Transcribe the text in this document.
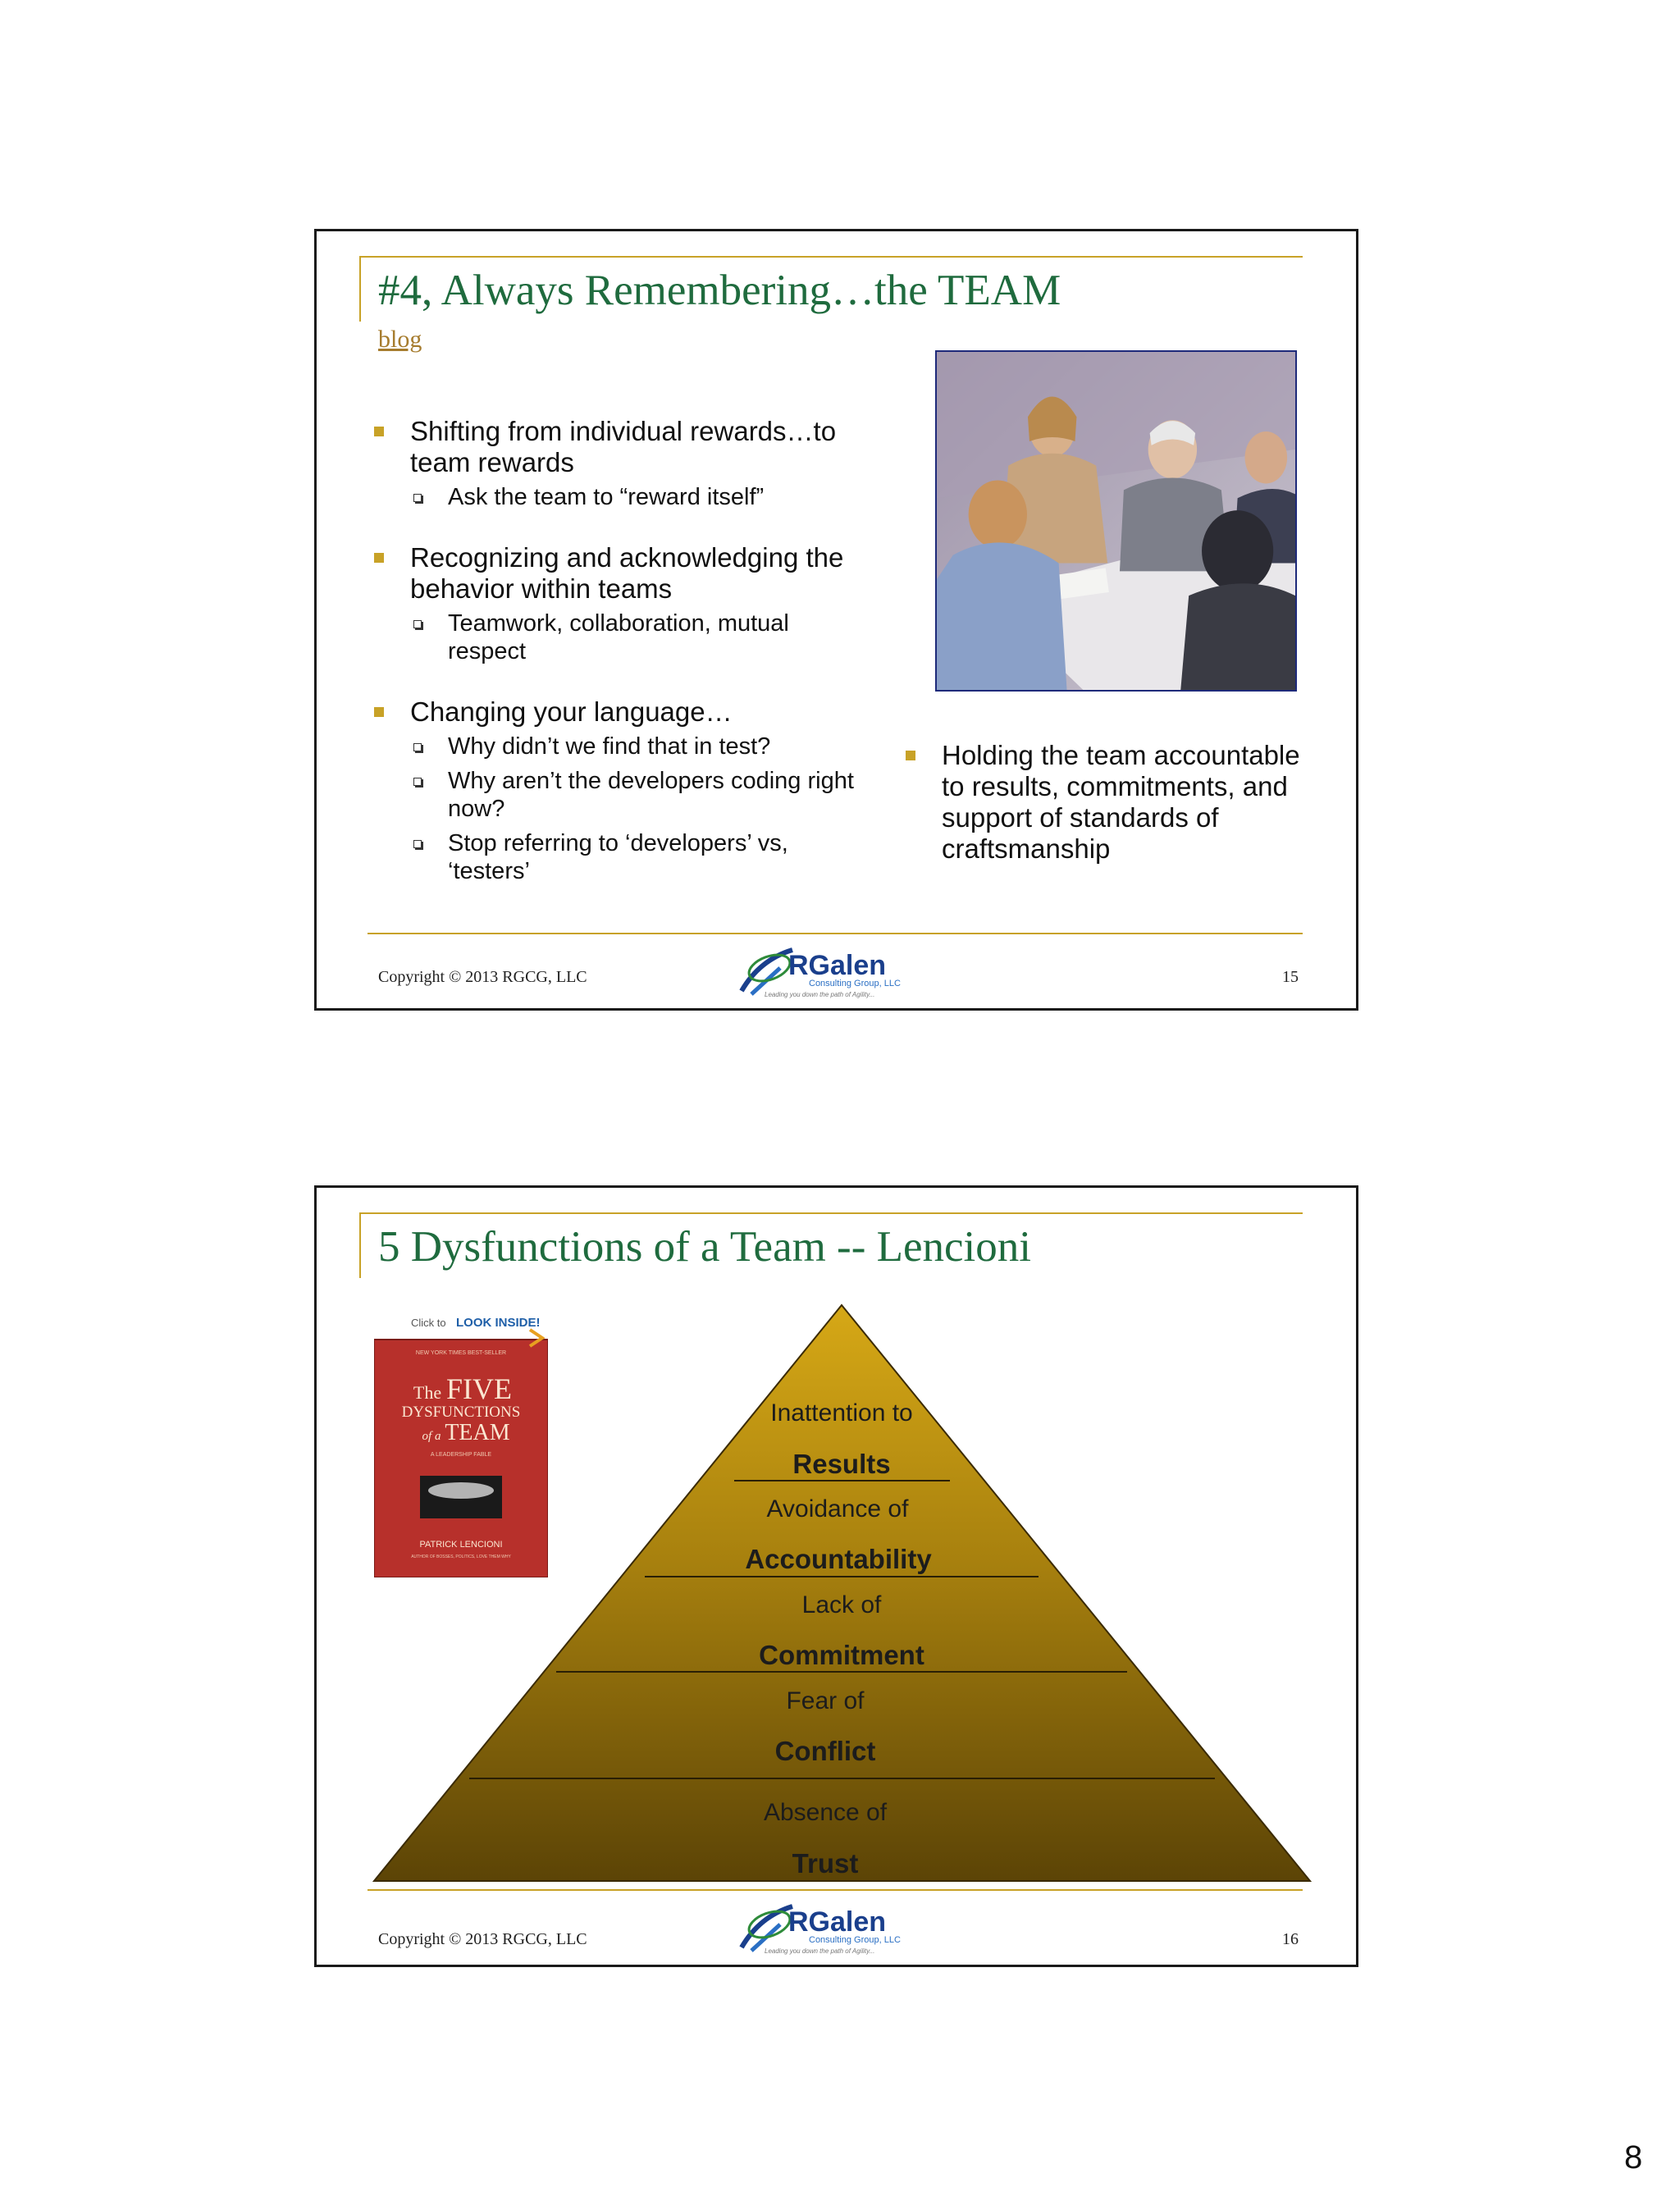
#4, Always Remembering…the TEAM
blog
Shifting from individual rewards…to team rewards
Ask the team to “reward itself”
Recognizing and acknowledging the behavior within teams
Teamwork, collaboration, mutual respect
Changing your language…
Why didn’t we find that in test?
Why aren’t the developers coding right now?
Stop referring to ‘developers’ vs, ‘testers’
Holding the team accountable to results, commitments, and support of standards of craftsmanship
Copyright © 2013 RGCG, LLC	15
RGalen
Consulting Group, LLC
Leading you down the path of Agility...
5 Dysfunctions of a Team -- Lencioni
Inattention to
Results
Avoidance of
Accountability
Lack of
Commitment
Fear of
Conflict
Absence of
Trust
Click to LOOK INSIDE!
NEW YORK TIMES BEST-SELLER
The FIVE
DYSFUNCTIONS
of a TEAM
A LEADERSHIP FABLE
PATRICK LENCIONI
AUTHOR OF BOSSES, POLITICS, LOVE THEM WHY
Copyright © 2013 RGCG, LLC	16
RGalen
Consulting Group, LLC
Leading you down the path of Agility...
8
